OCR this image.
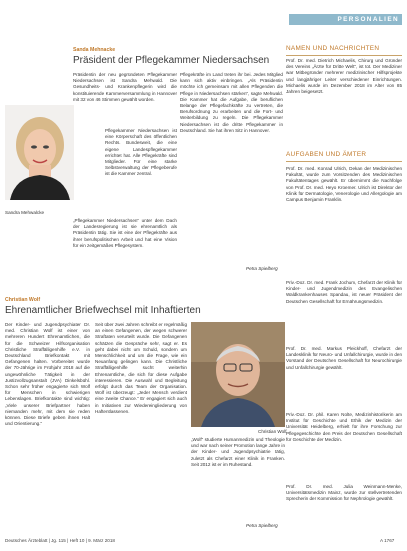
PERSONALIEN
Sanda Mehnacke
Präsident der Pflegekammer Niedersachsen

Präsidentin der neu gegründeten Pflegekammer Niedersachsen ist Sandra Mehwald. Die Gesundheits- und Krankenpflegerin wird die konstituierende Kammerversammlung in Hannover mit 32 von 46 Stimmen gewählt worden.

Sandra Mehwalcke

Pflegekammer Niedersachsen ist eine Körperschaft des öffentlichen Rechts. Bundesweit, die eine eigene Landespflegekammer errichtet hat. Alle Pflegekräfte sind Mitglieder. Für eine starke Selbstverwaltung der Pflegeberufe ist die Kammer zentral.

„Pflegekammer Niedersachsen“ unter dem Dach der Landesregierung ist sie ehrenamtlich als Präsidentin tätig. Sie ist eine der Pflegekräfte aus ihrer berufspolitischen Arbeit und hat eine Vision für ein zeitgemäßes Pflegesystem.

Pflegekräfte im Land treten ihr bei. Jedes Mitglied kann sich aktiv einbringen. „Als Präsidentin möchte ich gemeinsam mit allen Pflegenden die Pflege in Niedersachsen stärken“, sagte Mehwald. Die Kammer hat die Aufgabe, die beruflichen Belange der Pflegefachkräfte zu vertreten, die Berufsordnung zu erarbeiten und die Fort- und Weiterbildung zu regeln. Die Pflegekammer Niedersachsen ist die dritte Pflegekammer in Deutschland. Sie hat ihren Sitz in Hannover.

Petra Spielberg
Christian Wolf
Ehrenamtlicher Briefwechsel mit Inhaftierten

Der Kinder- und Jugendpsychiater Dr. med. Christian Wolf ist einer von mehreren Hundert Ehrenamtlichen, die für die Schweizer Hilfsorganisation Christliche Straffälligenhilfe e.V. in Deutschland Briefkontakt mit Gefangenen halten. Vorbereitet wurde der 70-Jährige im Frühjahr 2018 auf die ungewöhnliche Tätigkeit in der Justizvollzugsanstalt (JVA) Dinkelsbühl. Schon sehr früher engagierte sich Wolf für Menschen in schwierigen Lebenslagen. Briefkontakte sind wichtig: „Viele unserer Briefpartner haben niemanden mehr, mit dem sie reden können. Diese Briefe geben ihnen Halt und Orientierung.“

Seit über zwei Jahren schreibt er regelmäßig an einen Gefangenen, der wegen schwerer Straftaten verurteilt wurde. Die Gefangenen schätzen die Gespräche sehr, sagt er. Es geht dabei nicht um Schuld, sondern um Menschlichkeit und um die Frage, wie ein Neuanfang gelingen kann. Die Christliche Straffälligenhilfe sucht weiterhin Ehrenamtliche, die sich für diese Aufgabe interessieren. Die Auswahl und Begleitung erfolgt durch das Team der Organisation. Wolf ist überzeugt: „Jeder Mensch verdient eine zweite Chance.“ Er engagiert sich auch in Initiativen zur Wiedereingliederung von Haftentlassenen.

Christian Wolf

„Wolf“ studierte Humanmedizin und Theologie und war nach seiner Promotion lange Jahre in der Kinder- und Jugendpsychiatrie tätig, zuletzt als Chefarzt einer Klinik in Franken. Seit 2012 ist er im Ruhestand.

Petra Spielberg
NAMEN UND NACHRICHTEN

Prof. Dr. med. Dietrich Michaelis, Chirurg und Gründer des Vereins „Ärzte für Dritte Welt“, ist tot. Der Mediziner war Mitbegründer mehrerer medizinischer Hilfsprojekte und langjähriger Leiter verschiedener Einrichtungen. Michaelis wurde im Dezember 2018 im Alter von 85 Jahren beigesetzt.

AUFGABEN UND ÄMTER

Prof. Dr. med. Konrad Ulrich, Dekan der Medizinischen Fakultät, wurde zum Vorsitzenden des Medizinischen Fakultätentages gewählt. Er übernimmt die Nachfolge von Prof. Dr. med. Heyo Kroemer. Ulrich ist Direktor der Klinik für Dermatologie, Venerologie und Allergologie am Campus Benjamin Franklin.

Priv.-Doz. Dr. med. Frank Jochum, Chefarzt der Klinik für Kinder- und Jugendmedizin des Evangelischen Waldkrankenhauses Spandau, ist neuer Präsident der Deutschen Gesellschaft für Ernährungsmedizin.

Prof. Dr. med. Markus Pleickhoff, Chefarzt der Landesklinik für Neuro- und Unfallchirurgie, wurde in den Vorstand der Deutschen Gesellschaft für Neurochirurgie und Unfallchirurgie gewählt.

Priv.-Doz. Dr. phil. Karen Nolte, Medizinhistorikerin am Institut für Geschichte und Ethik der Medizin der Universität Heidelberg, erhielt für ihre Forschung zur Pflegegeschichte den Preis der Deutschen Gesellschaft für Geschichte der Medizin.

Prof. Dr. med. Julia Weinmann-Menke, Universitätsmedizin Mainz, wurde zur stellvertretenden Sprecherin der Kommission für Nephrologie gewählt.

Deutsches Ärzteblatt | Jg. 115 | Heft 10 | 9. März 2018	A 1767
